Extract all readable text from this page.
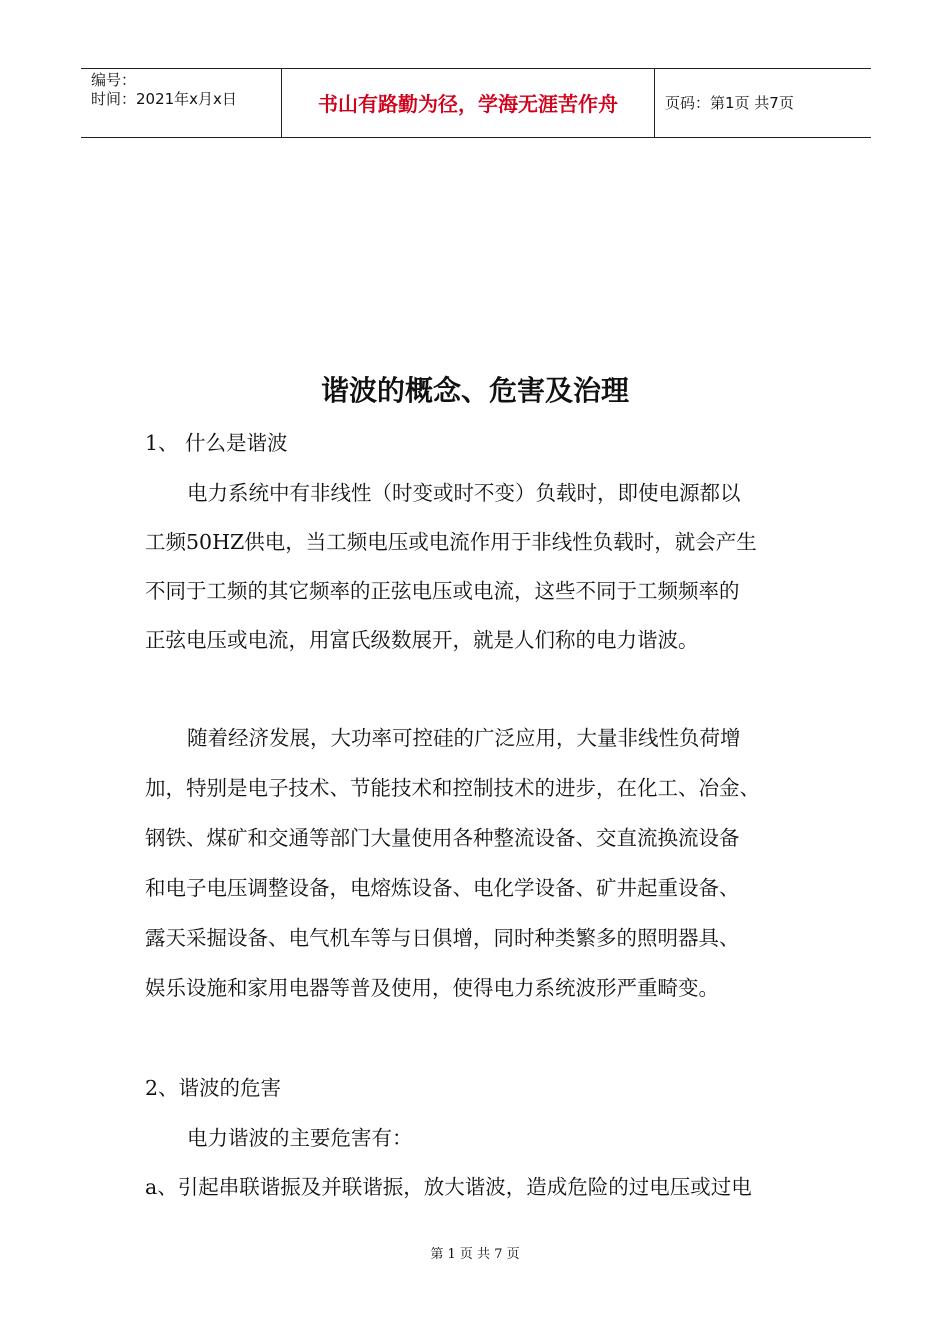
编号：
时间：2021年x月x日	书山有路勤为径，学海无涯苦作舟	页码：第1页 共7页
谐波的概念、危害及治理
1、 什么是谐波
电力系统中有非线性（时变或时不变）负载时，即使电源都以
工频50HZ供电，当工频电压或电流作用于非线性负载时，就会产生
不同于工频的其它频率的正弦电压或电流，这些不同于工频频率的
正弦电压或电流，用富氏级数展开，就是人们称的电力谐波。
随着经济发展，大功率可控硅的广泛应用，大量非线性负荷增
加，特别是电子技术、节能技术和控制技术的进步，在化工、冶金、
钢铁、煤矿和交通等部门大量使用各种整流设备、交直流换流设备
和电子电压调整设备，电熔炼设备、电化学设备、矿井起重设备、
露天采掘设备、电气机车等与日俱增，同时种类繁多的照明器具、
娱乐设施和家用电器等普及使用，使得电力系统波形严重畸变。
2、谐波的危害
电力谐波的主要危害有：
a、引起串联谐振及并联谐振，放大谐波，造成危险的过电压或过电
第 1 页 共 7 页
